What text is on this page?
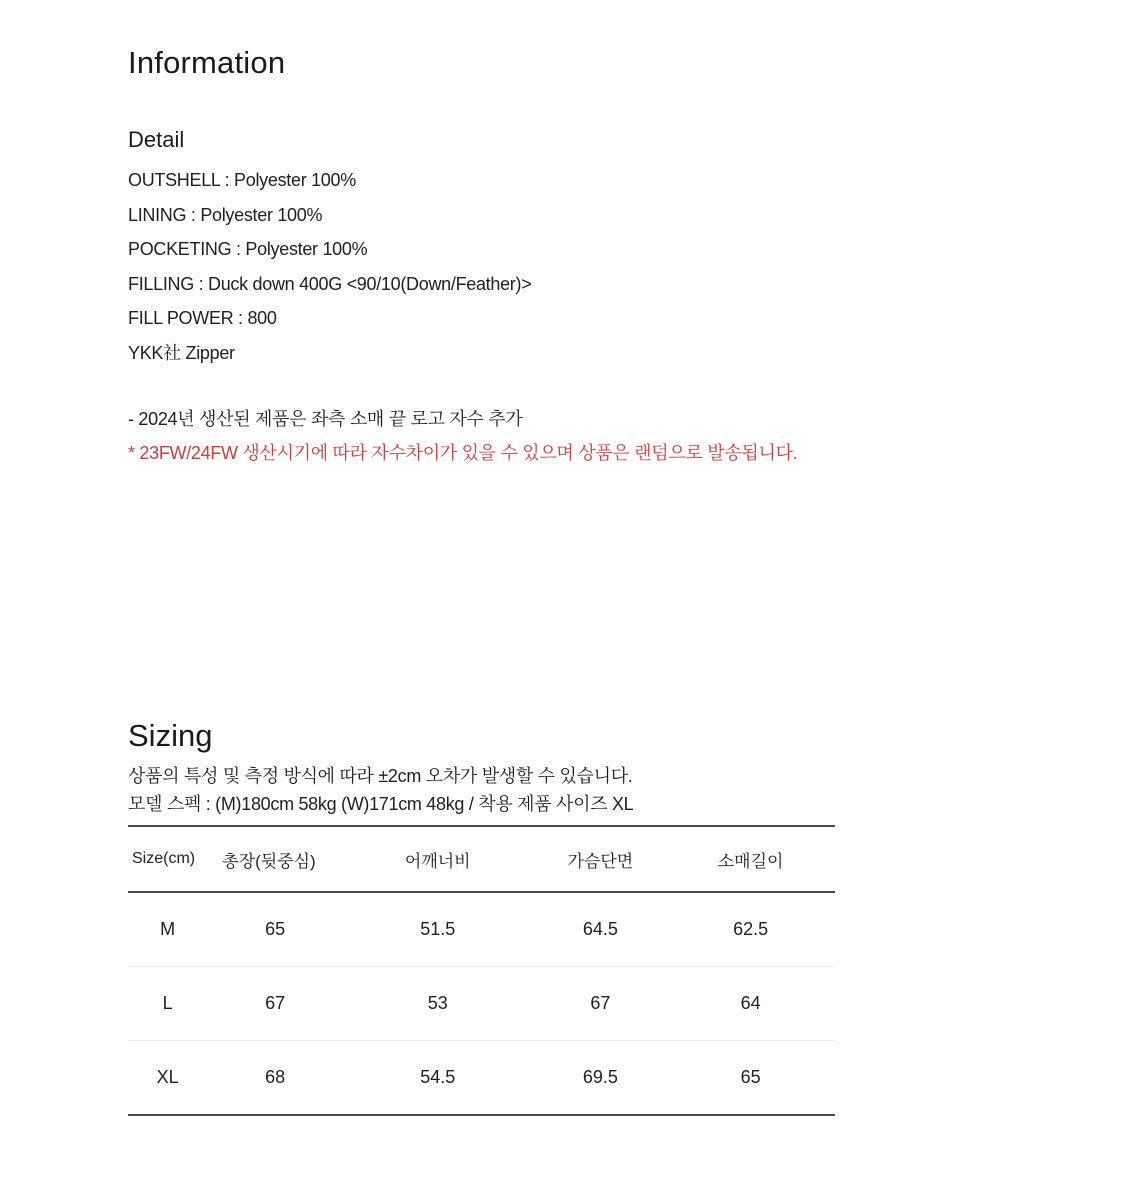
Information
Detail
OUTSHELL : Polyester 100%
LINING : Polyester 100%
POCKETING : Polyester 100%
FILLING : Duck down 400G <90/10(Down/Feather)>
FILL POWER : 800
YKK社 Zipper
- 2024년 생산된 제품은 좌측 소매 끝 로고 자수 추가
* 23FW/24FW 생산시기에 따라 자수차이가 있을 수 있으며 상품은 랜덤으로 발송됩니다.
Sizing
상품의 특성 및 측정 방식에 따라 ±2cm 오차가 발생할 수 있습니다.
모델 스펙 : (M)180cm 58kg (W)171cm 48kg / 착용 제품 사이즈 XL
Size(cm)	총장(뒷중심)	어깨너비	가슴단면	소매길이
M	65	51.5	64.5	62.5
L	67	53	67	64
XL	68	54.5	69.5	65
